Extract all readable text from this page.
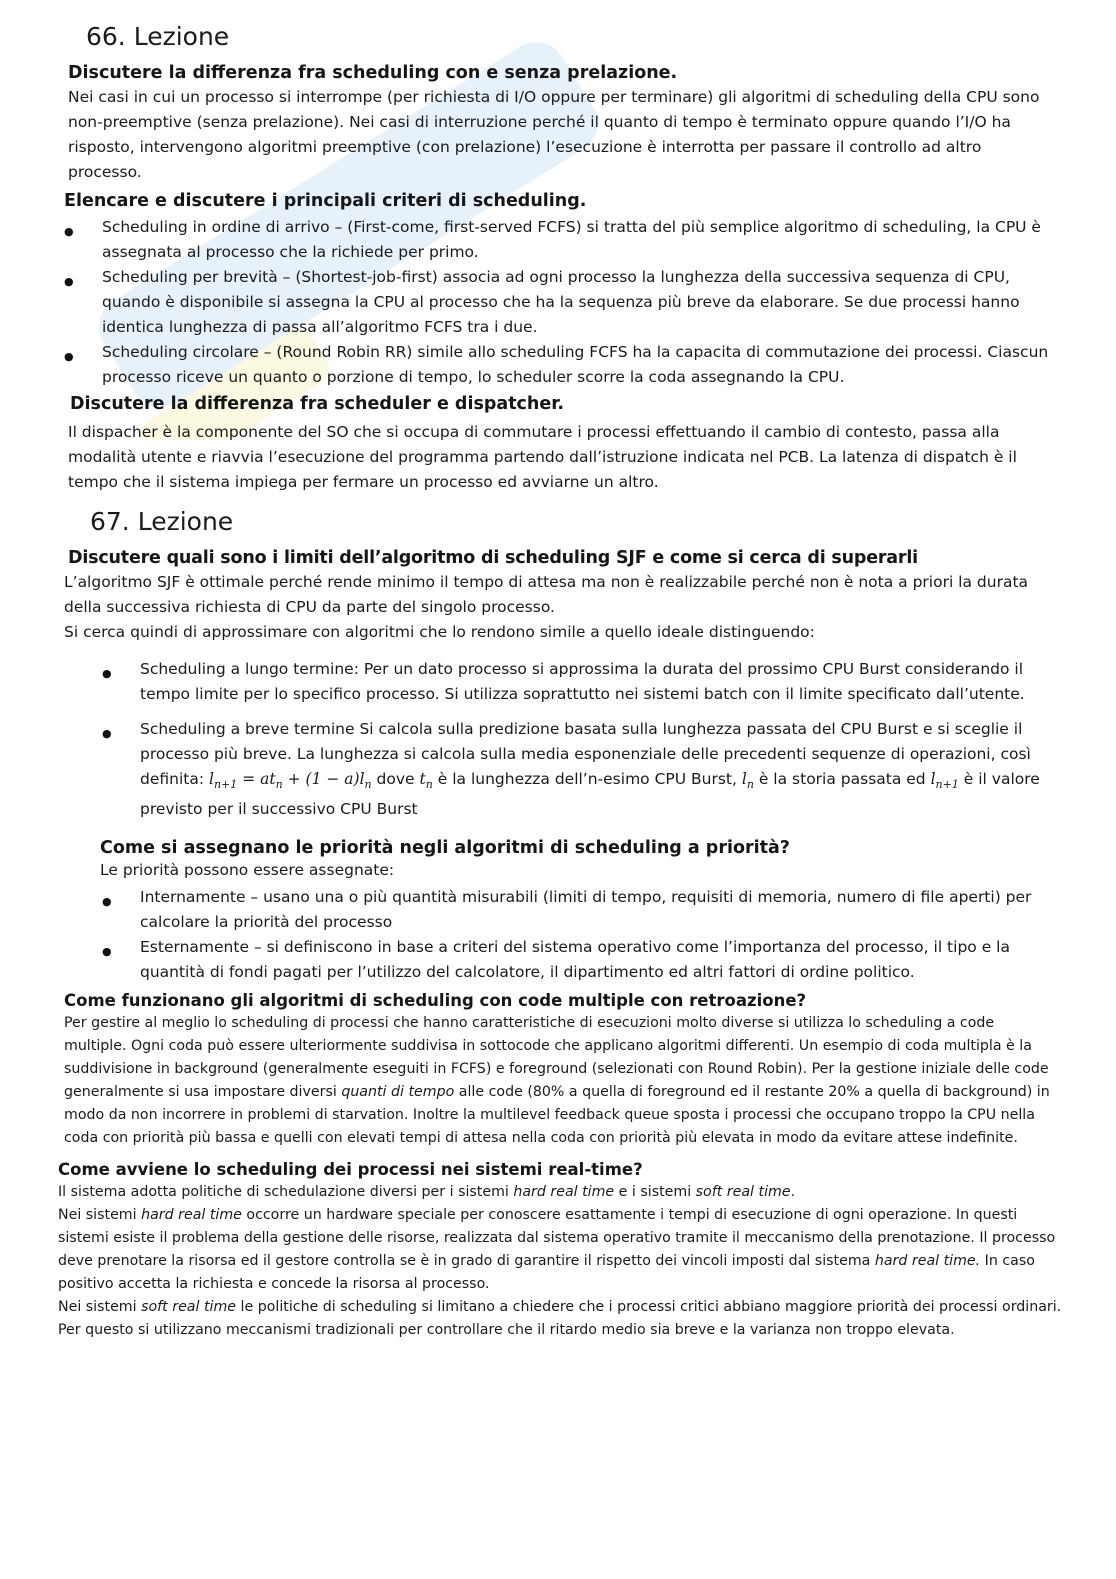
66. Lezione
Discutere la differenza fra scheduling con e senza prelazione.

Nei casi in cui un processo si interrompe (per richiesta di I/O oppure per terminare) gli algoritmi di scheduling della CPU sono non-preemptive (senza prelazione). Nei casi di interruzione perché il quanto di tempo è terminato oppure quando l’I/O ha risposto, intervengono algoritmi preemptive (con prelazione) l’esecuzione è interrotta per passare il controllo ad altro processo.

Elencare e discutere i principali criteri di scheduling.
● Scheduling in ordine di arrivo – (First-come, first-served FCFS) si tratta del più semplice algoritmo di scheduling, la CPU è assegnata al processo che la richiede per primo.
● Scheduling per brevità – (Shortest-job-first) associa ad ogni processo la lunghezza della successiva sequenza di CPU, quando è disponibile si assegna la CPU al processo che ha la sequenza più breve da elaborare. Se due processi hanno identica lunghezza di passa all’algoritmo FCFS tra i due.
● Scheduling circolare – (Round Robin RR) simile allo scheduling FCFS ha la capacita di commutazione dei processi. Ciascun processo riceve un quanto o porzione di tempo, lo scheduler scorre la coda assegnando la CPU.
Discutere la differenza fra scheduler e dispatcher.

Il dispacher è la componente del SO che si occupa di commutare i processi effettuando il cambio di contesto, passa alla modalità utente e riavvia l’esecuzione del programma partendo dall’istruzione indicata nel PCB. La latenza di dispatch è il tempo che il sistema impiega per fermare un processo ed avviarne un altro.

67. Lezione
Discutere quali sono i limiti dell’algoritmo di scheduling SJF e come si cerca di superarli

L’algoritmo SJF è ottimale perché rende minimo il tempo di attesa ma non è realizzabile perché non è nota a priori la durata della successiva richiesta di CPU da parte del singolo processo.

Si cerca quindi di approssimare con algoritmi che lo rendono simile a quello ideale distinguendo:

● Scheduling a lungo termine: Per un dato processo si approssima la durata del prossimo CPU Burst considerando il tempo limite per lo specifico processo. Si utilizza soprattutto nei sistemi batch con il limite specificato dall’utente.
● Scheduling a breve termine Si calcola sulla predizione basata sulla lunghezza passata del CPU Burst e si sceglie il processo più breve. La lunghezza si calcola sulla media esponenziale delle precedenti sequenze di operazioni, così definita: $l_{n+1} = at_n + (1 - a)l_n$ dove $t_n$ è la lunghezza dell’n-esimo CPU Burst, $l_n$ è la storia passata ed $l_{n+1}$ è il valore previsto per il successivo CPU Burst
Come si assegnano le priorità negli algoritmi di scheduling a priorità?

Le priorità possono essere assegnate:

● Internamente – usano una o più quantità misurabili (limiti di tempo, requisiti di memoria, numero di file aperti) per calcolare la priorità del processo
● Esternamente – si definiscono in base a criteri del sistema operativo come l’importanza del processo, il tipo e la quantità di fondi pagati per l’utilizzo del calcolatore, il dipartimento ed altri fattori di ordine politico.
Come funzionano gli algoritmi di scheduling con code multiple con retroazione?

Per gestire al meglio lo scheduling di processi che hanno caratteristiche di esecuzioni molto diverse si utilizza lo scheduling a code multiple. Ogni coda può essere ulteriormente suddivisa in sottocode che applicano algoritmi differenti. Un esempio di coda multipla è la suddivisione in background (generalmente eseguiti in FCFS) e foreground (selezionati con Round Robin). Per la gestione iniziale delle code generalmente si usa impostare diversi quanti di tempo alle code (80% a quella di foreground ed il restante 20% a quella di background) in modo da non incorrere in problemi di starvation. Inoltre la multilevel feedback queue sposta i processi che occupano troppo la CPU nella coda con priorità più bassa e quelli con elevati tempi di attesa nella coda con priorità più elevata in modo da evitare attese indefinite.

Come avviene lo scheduling dei processi nei sistemi real-time?

Il sistema adotta politiche di schedulazione diversi per i sistemi hard real time e i sistemi soft real time.

Nei sistemi hard real time occorre un hardware speciale per conoscere esattamente i tempi di esecuzione di ogni operazione. In questi sistemi esiste il problema della gestione delle risorse, realizzata dal sistema operativo tramite il meccanismo della prenotazione. Il processo deve prenotare la risorsa ed il gestore controlla se è in grado di garantire il rispetto dei vincoli imposti dal sistema hard real time. In caso positivo accetta la richiesta e concede la risorsa al processo.

Nei sistemi soft real time le politiche di scheduling si limitano a chiedere che i processi critici abbiano maggiore priorità dei processi ordinari. Per questo si utilizzano meccanismi tradizionali per controllare che il ritardo medio sia breve e la varianza non troppo elevata.
